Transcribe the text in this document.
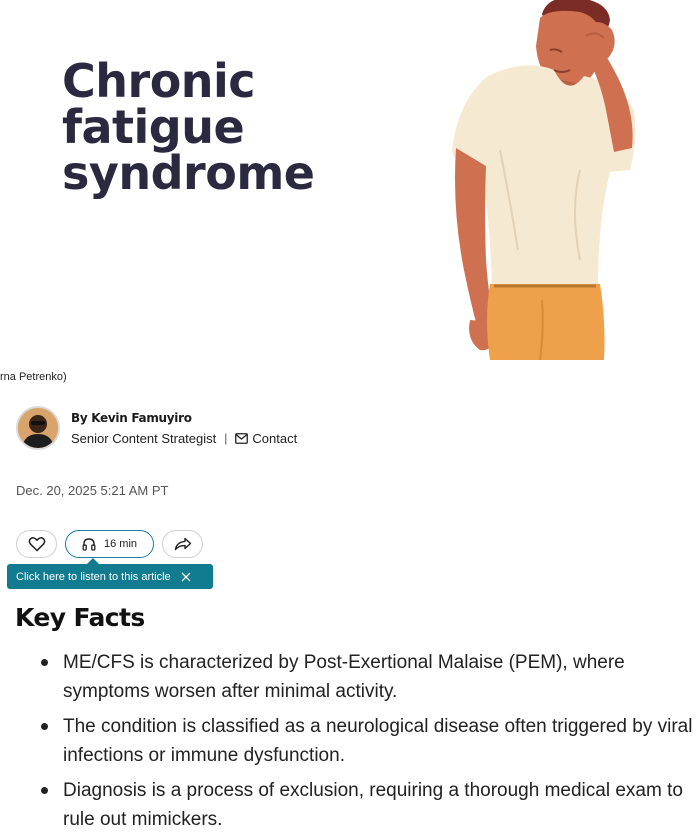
Chronic
fatigue
syndrome
rna Petrenko)
By Kevin Famuyiro
Senior Content Strategist | Contact
Dec. 20, 2025 5:21 AM PT
16 min
Click here to listen to this article
Key Facts
ME/CFS is characterized by Post-Exertional Malaise (PEM), where symptoms worsen after minimal activity.
The condition is classified as a neurological disease often triggered by viral infections or immune dysfunction.
Diagnosis is a process of exclusion, requiring a thorough medical exam to rule out mimickers.
